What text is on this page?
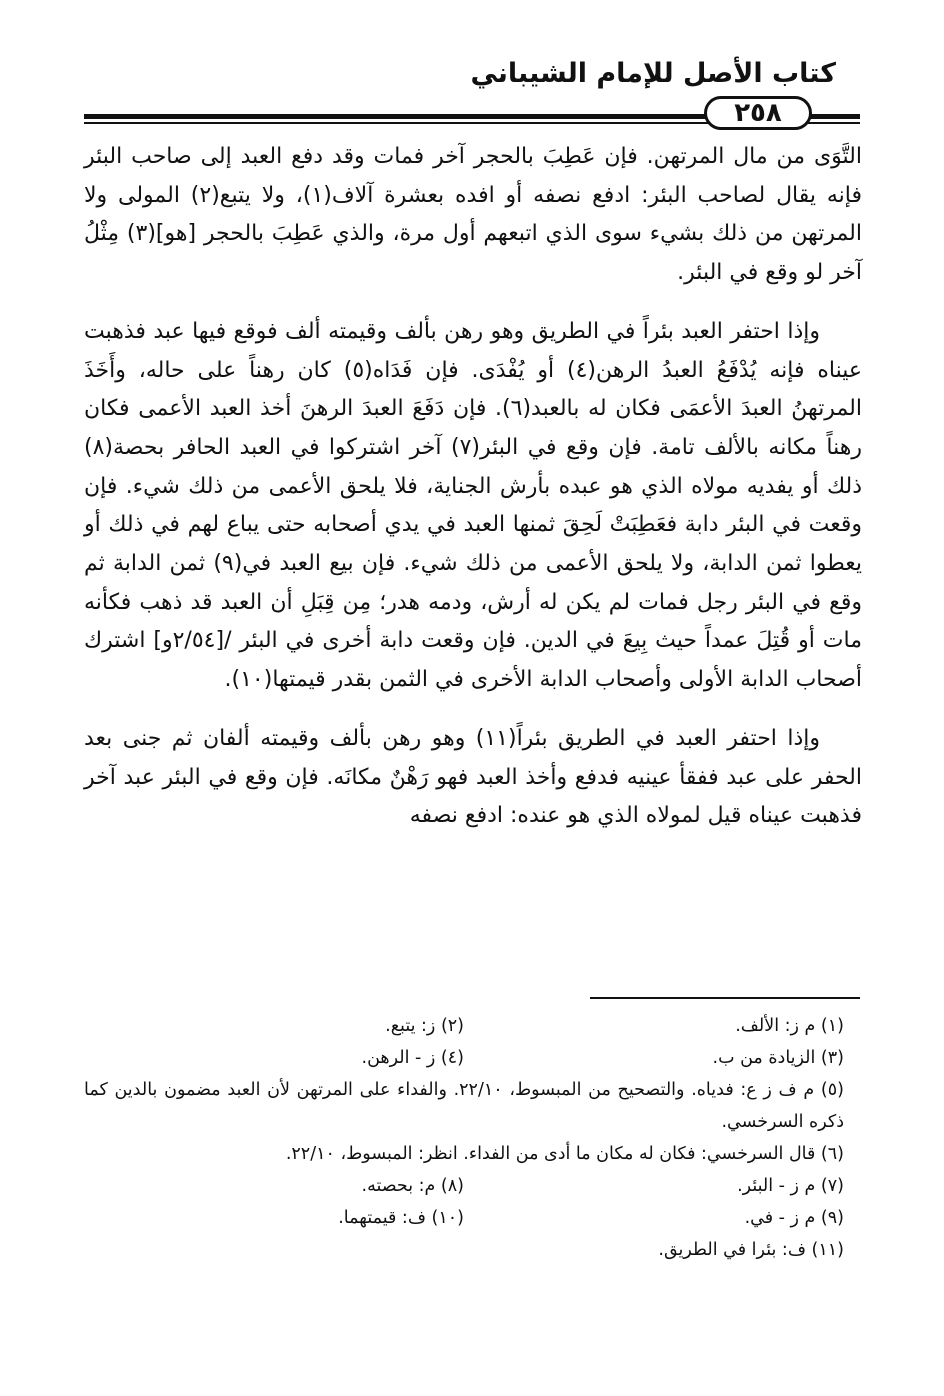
كتاب الأصل للإمام الشيباني
٢٥٨

التَّوَى من مال المرتهن. فإن عَطِبَ بالحجر آخر فمات وقد دفع العبد إلى صاحب البئر فإنه يقال لصاحب البئر: ادفع نصفه أو افده بعشرة آلاف(١)، ولا يتبع(٢) المولى ولا المرتهن من ذلك بشيء سوى الذي اتبعهم أول مرة، والذي عَطِبَ بالحجر [هو](٣) مِثْلُ آخر لو وقع في البئر.

وإذا احتفر العبد بئراً في الطريق وهو رهن بألف وقيمته ألف فوقع فيها عبد فذهبت عيناه فإنه يُدْفَعُ العبدُ الرهن(٤) أو يُفْدَى. فإن فَدَاه(٥) كان رهناً على حاله، وأَخَذَ المرتهنُ العبدَ الأعمَى فكان له بالعبد(٦). فإن دَفَعَ العبدَ الرهنَ أخذ العبد الأعمى فكان رهناً مكانه بالألف تامة. فإن وقع في البئر(٧) آخر اشتركوا في العبد الحافر بحصة(٨) ذلك أو يفديه مولاه الذي هو عبده بأرش الجناية، فلا يلحق الأعمى من ذلك شيء. فإن وقعت في البئر دابة فعَطِبَتْ لَحِقَ ثمنها العبد في يدي أصحابه حتى يباع لهم في ذلك أو يعطوا ثمن الدابة، ولا يلحق الأعمى من ذلك شيء. فإن بيع العبد في(٩) ثمن الدابة ثم وقع في البئر رجل فمات لم يكن له أرش، ودمه هدر؛ مِن قِبَلِ أن العبد قد ذهب فكأنه مات أو قُتِلَ عمداً حيث بِيعَ في الدين. فإن وقعت دابة أخرى في البئر /[٢/٥٤و] اشترك أصحاب الدابة الأولى وأصحاب الدابة الأخرى في الثمن بقدر قيمتها(١٠).

وإذا احتفر العبد في الطريق بئراً(١١) وهو رهن بألف وقيمته ألفان ثم جنى بعد الحفر على عبد ففقأ عينيه فدفع وأخذ العبد فهو رَهْنٌ مكانَه. فإن وقع في البئر عبد آخر فذهبت عيناه قيل لمولاه الذي هو عنده: ادفع نصفه

(١) م ز: الألف.
(٢) ز: يتبع.
(٣) الزيادة من ب.
(٤) ز - الرهن.
(٥) م ف ز ع: فدياه. والتصحيح من المبسوط، ٢٢/١٠. والفداء على المرتهن لأن العبد مضمون بالدين كما ذكره السرخسي.
(٦) قال السرخسي: فكان له مكان ما أدى من الفداء. انظر: المبسوط، ٢٢/١٠.
(٧) م ز - البئر.
(٨) م: بحصته.
(٩) م ز - في.
(١٠) ف: قيمتهما.
(١١) ف: بئرا في الطريق.
